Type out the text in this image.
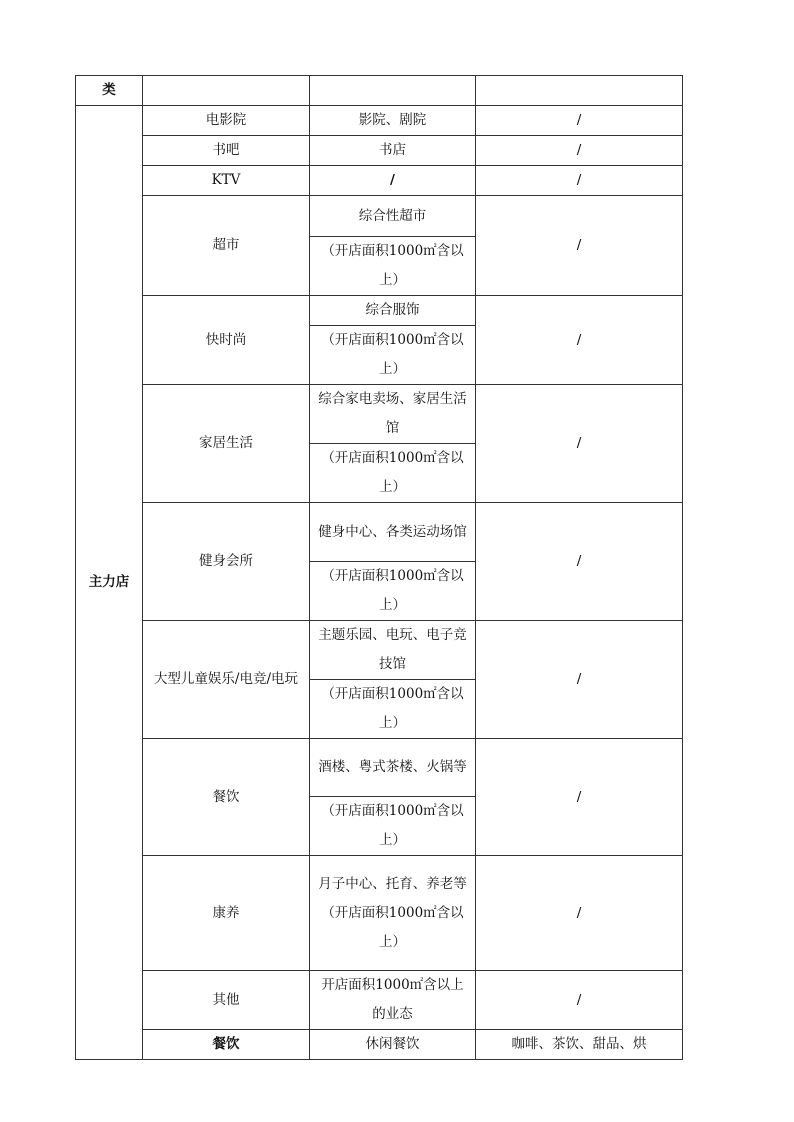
类				
主力店	电影院	影院、剧院	/	
	书吧	书店	/	
	KTV	/	/	
	超市	综合性超市	/	
		（开店面积1000㎡含以上）		
	快时尚	综合服饰	/	
		（开店面积1000㎡含以上）		
	家居生活	综合家电卖场、家居生活馆	/	
		（开店面积1000㎡含以上）		
	健身会所	健身中心、各类运动场馆	/	
		（开店面积1000㎡含以上）		
	大型儿童娱乐/电竞/电玩	主题乐园、电玩、电子竞技馆	/	
		（开店面积1000㎡含以上）		
	餐饮	酒楼、粤式茶楼、火锅等	/	
		（开店面积1000㎡含以上）		
	康养	月子中心、托育、养老等（开店面积1000㎡含以上）	/	
	其他	开店面积1000㎡含以上的业态	/	
	餐饮	休闲餐饮	咖啡、茶饮、甜品、烘	
